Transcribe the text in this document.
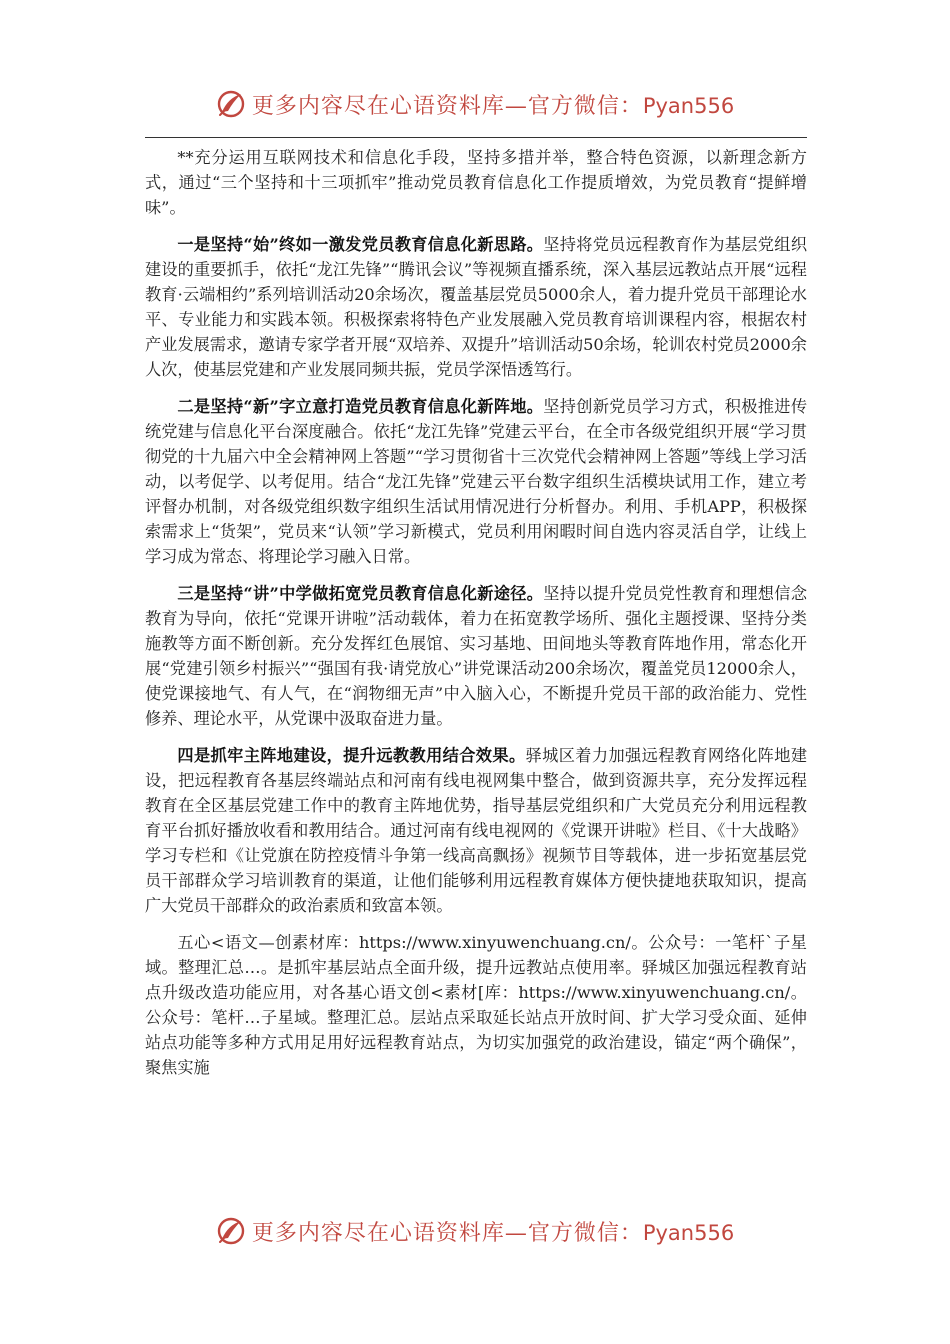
更多内容尽在心语资料库—官方微信：Pyan556

**充分运用互联网技术和信息化手段，坚持多措并举，整合特色资源，以新理念新方式，通过“三个坚持和十三项抓牢”推动党员教育信息化工作提质增效，为党员教育“提鲜增味”。

一是坚持“始”终如一激发党员教育信息化新思路。坚持将党员远程教育作为基层党组织建设的重要抓手，依托“龙江先锋”“腾讯会议”等视频直播系统，深入基层远教站点开展“远程教育·云端相约”系列培训活动20余场次，覆盖基层党员5000余人，着力提升党员干部理论水平、专业能力和实践本领。积极探索将特色产业发展融入党员教育培训课程内容，根据农村产业发展需求，邀请专家学者开展“双培养、双提升”培训活动50余场，轮训农村党员2000余人次，使基层党建和产业发展同频共振，党员学深悟透笃行。

二是坚持“新”字立意打造党员教育信息化新阵地。坚持创新党员学习方式，积极推进传统党建与信息化平台深度融合。依托“龙江先锋”党建云平台，在全市各级党组织开展“学习贯彻党的十九届六中全会精神网上答题”“学习贯彻省十三次党代会精神网上答题”等线上学习活动，以考促学、以考促用。结合“龙江先锋”党建云平台数字组织生活模块试用工作，建立考评督办机制，对各级党组织数字组织生活试用情况进行分析督办。利用、手机APP，积极探索需求上“货架”，党员来“认领”学习新模式，党员利用闲暇时间自选内容灵活自学，让线上学习成为常态、将理论学习融入日常。

三是坚持“讲”中学做拓宽党员教育信息化新途径。坚持以提升党员党性教育和理想信念教育为导向，依托“党课开讲啦”活动载体，着力在拓宽教学场所、强化主题授课、坚持分类施教等方面不断创新。充分发挥红色展馆、实习基地、田间地头等教育阵地作用，常态化开展“党建引领乡村振兴”“强国有我·请党放心”讲党课活动200余场次，覆盖党员12000余人，使党课接地气、有人气，在“润物细无声”中入脑入心，不断提升党员干部的政治能力、党性修养、理论水平，从党课中汲取奋进力量。

四是抓牢主阵地建设，提升远教教用结合效果。驿城区着力加强远程教育网络化阵地建设，把远程教育各基层终端站点和河南有线电视网集中整合，做到资源共享，充分发挥远程教育在全区基层党建工作中的教育主阵地优势，指导基层党组织和广大党员充分利用远程教育平台抓好播放收看和教用结合。通过河南有线电视网的《党课开讲啦》栏目、《十大战略》学习专栏和《让党旗在防控疫情斗争第一线高高飘扬》视频节目等载体，进一步拓宽基层党员干部群众学习培训教育的渠道，让他们能够利用远程教育媒体方便快捷地获取知识，提高广大党员干部群众的政治素质和致富本领。

五心<语文—创素材库：https://www.xinyuwenchuang.cn/。公众号：一笔杆`子星域。整理汇总…。是抓牢基层站点全面升级，提升远教站点使用率。驿城区加强远程教育站点升级改造功能应用，对各基心语文创<素材[库：https://www.xinyuwenchuang.cn/。公众号：笔杆…子星域。整理汇总。层站点采取延长站点开放时间、扩大学习受众面、延伸站点功能等多种方式用足用好远程教育站点，为切实加强党的政治建设，锚定“两个确保”，聚焦实施

更多内容尽在心语资料库—官方微信：Pyan556
